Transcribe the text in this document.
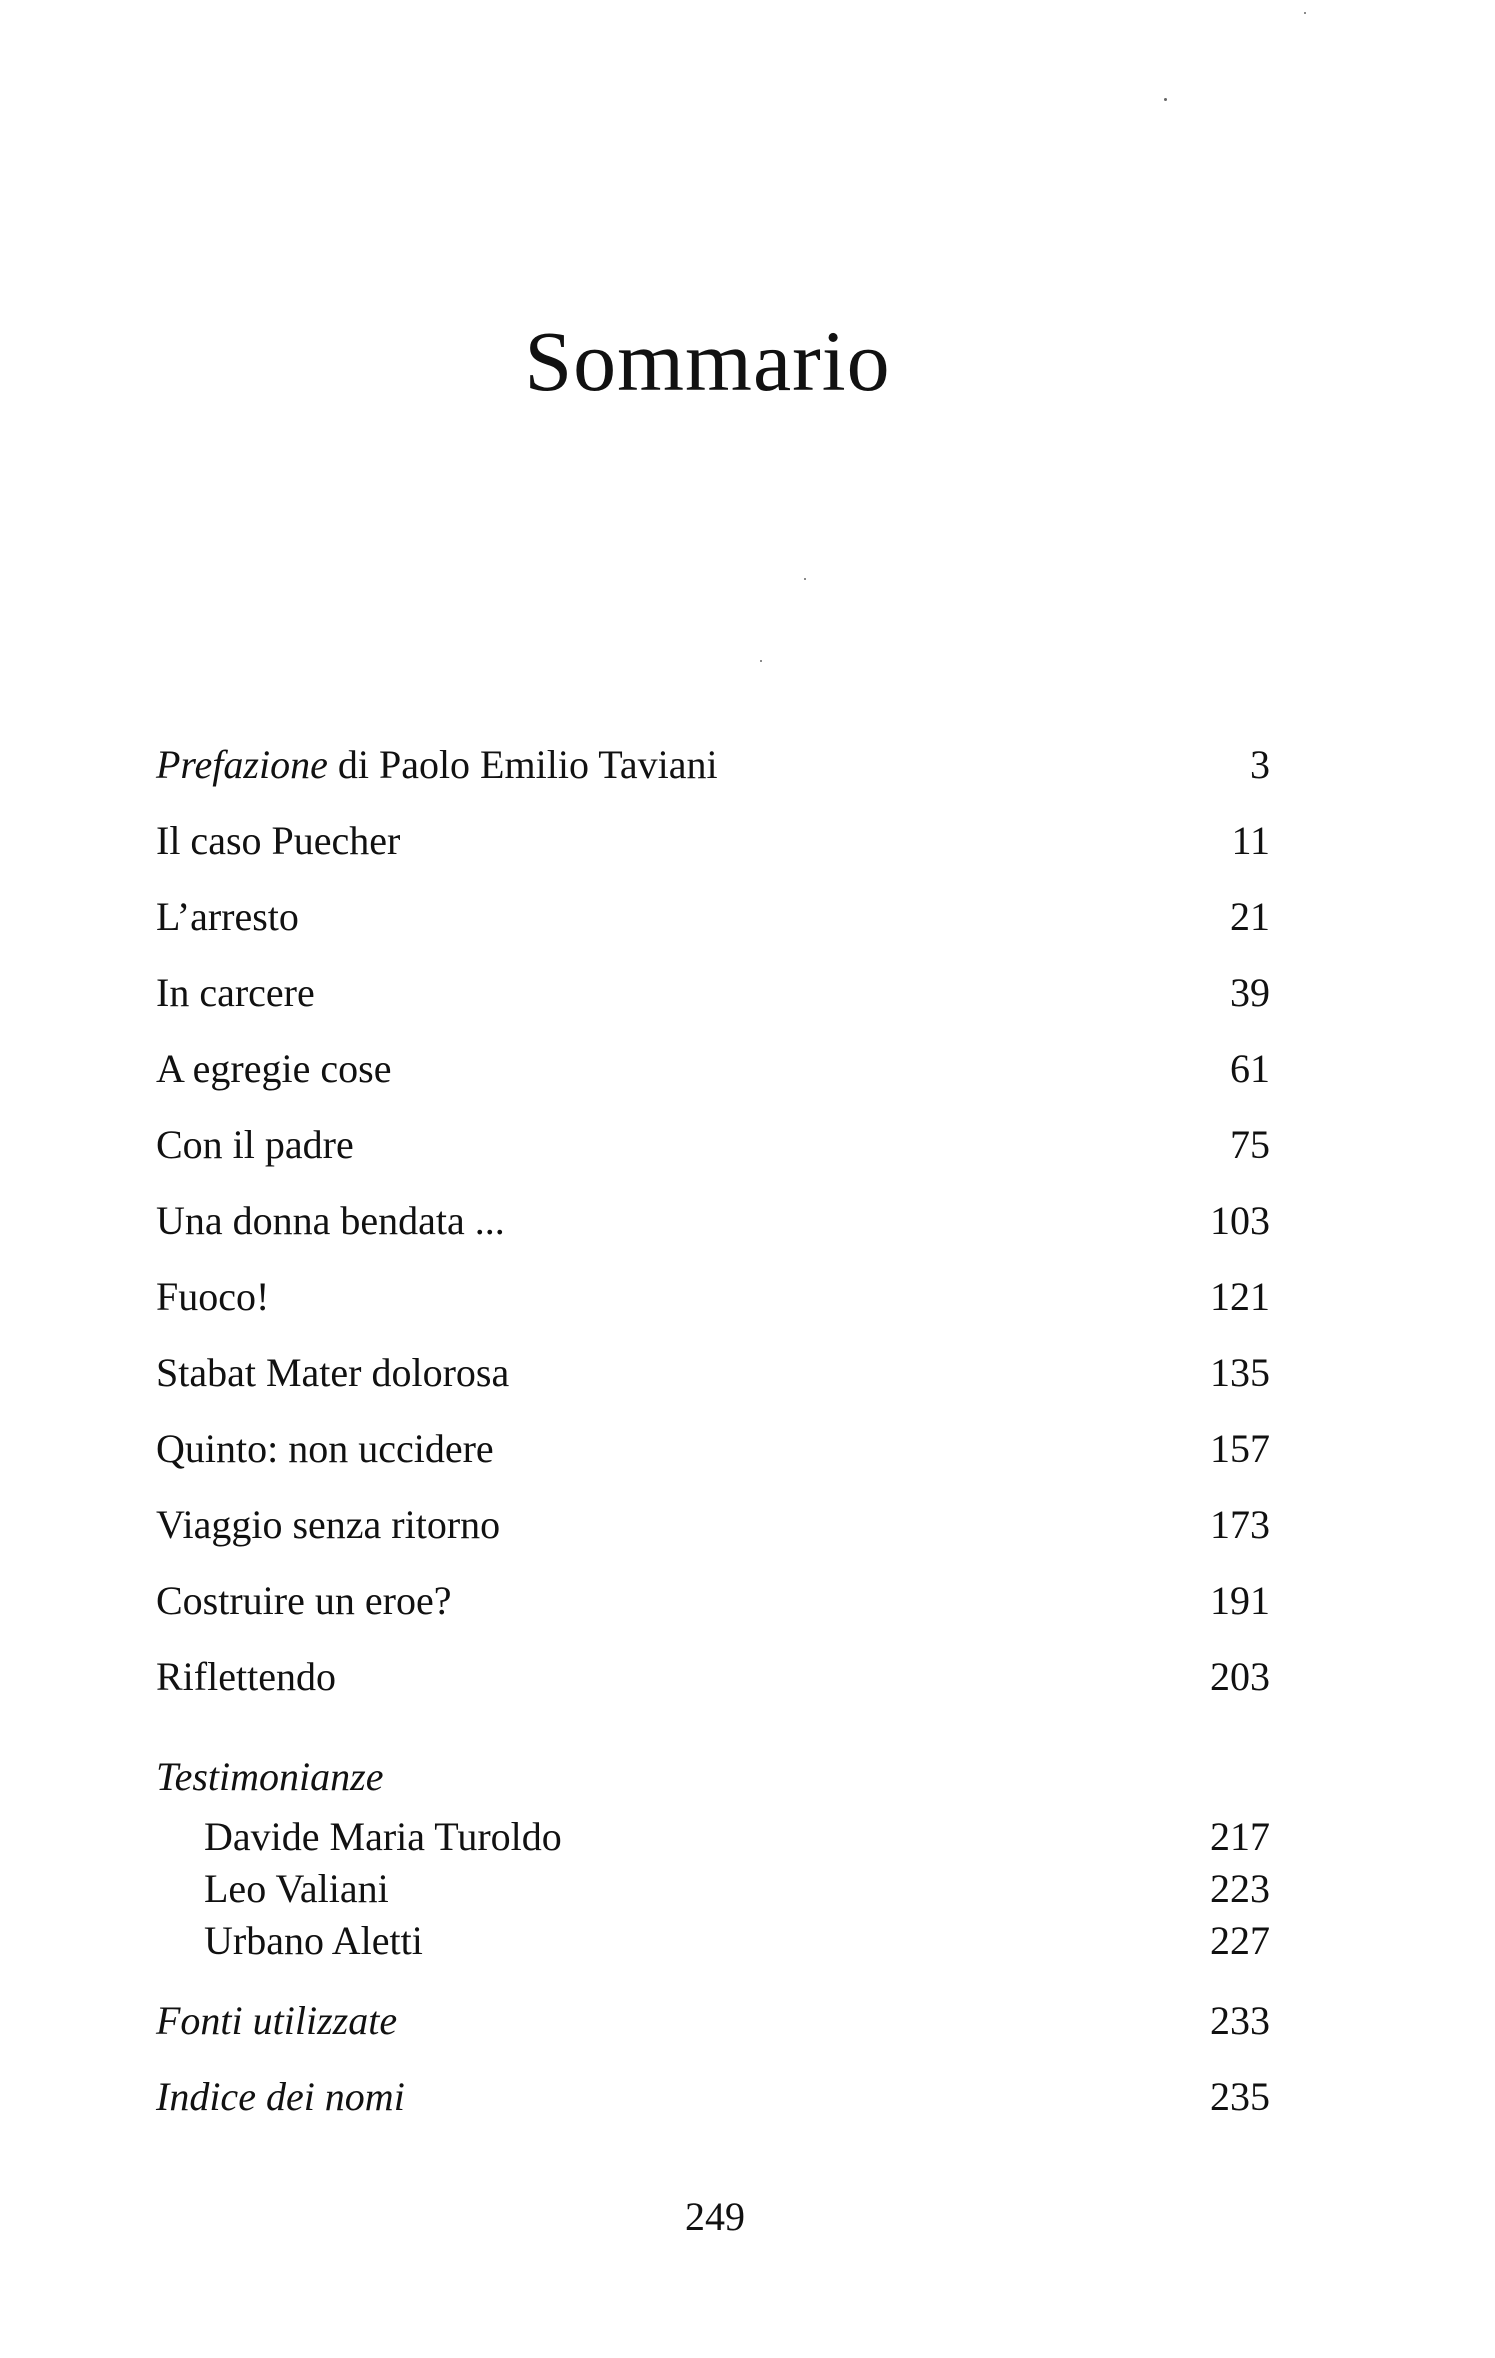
Sommario
Prefazione di Paolo Emilio Taviani	3
Il caso Puecher	11
L’arresto	21
In carcere	39
A egregie cose	61
Con il padre	75
Una donna bendata ...	103
Fuoco!	121
Stabat Mater dolorosa	135
Quinto: non uccidere	157
Viaggio senza ritorno	173
Costruire un eroe?	191
Riflettendo	203
Testimonianze
Davide Maria Turoldo	217
Leo Valiani	223
Urbano Aletti	227
Fonti utilizzate	233
Indice dei nomi	235
249
